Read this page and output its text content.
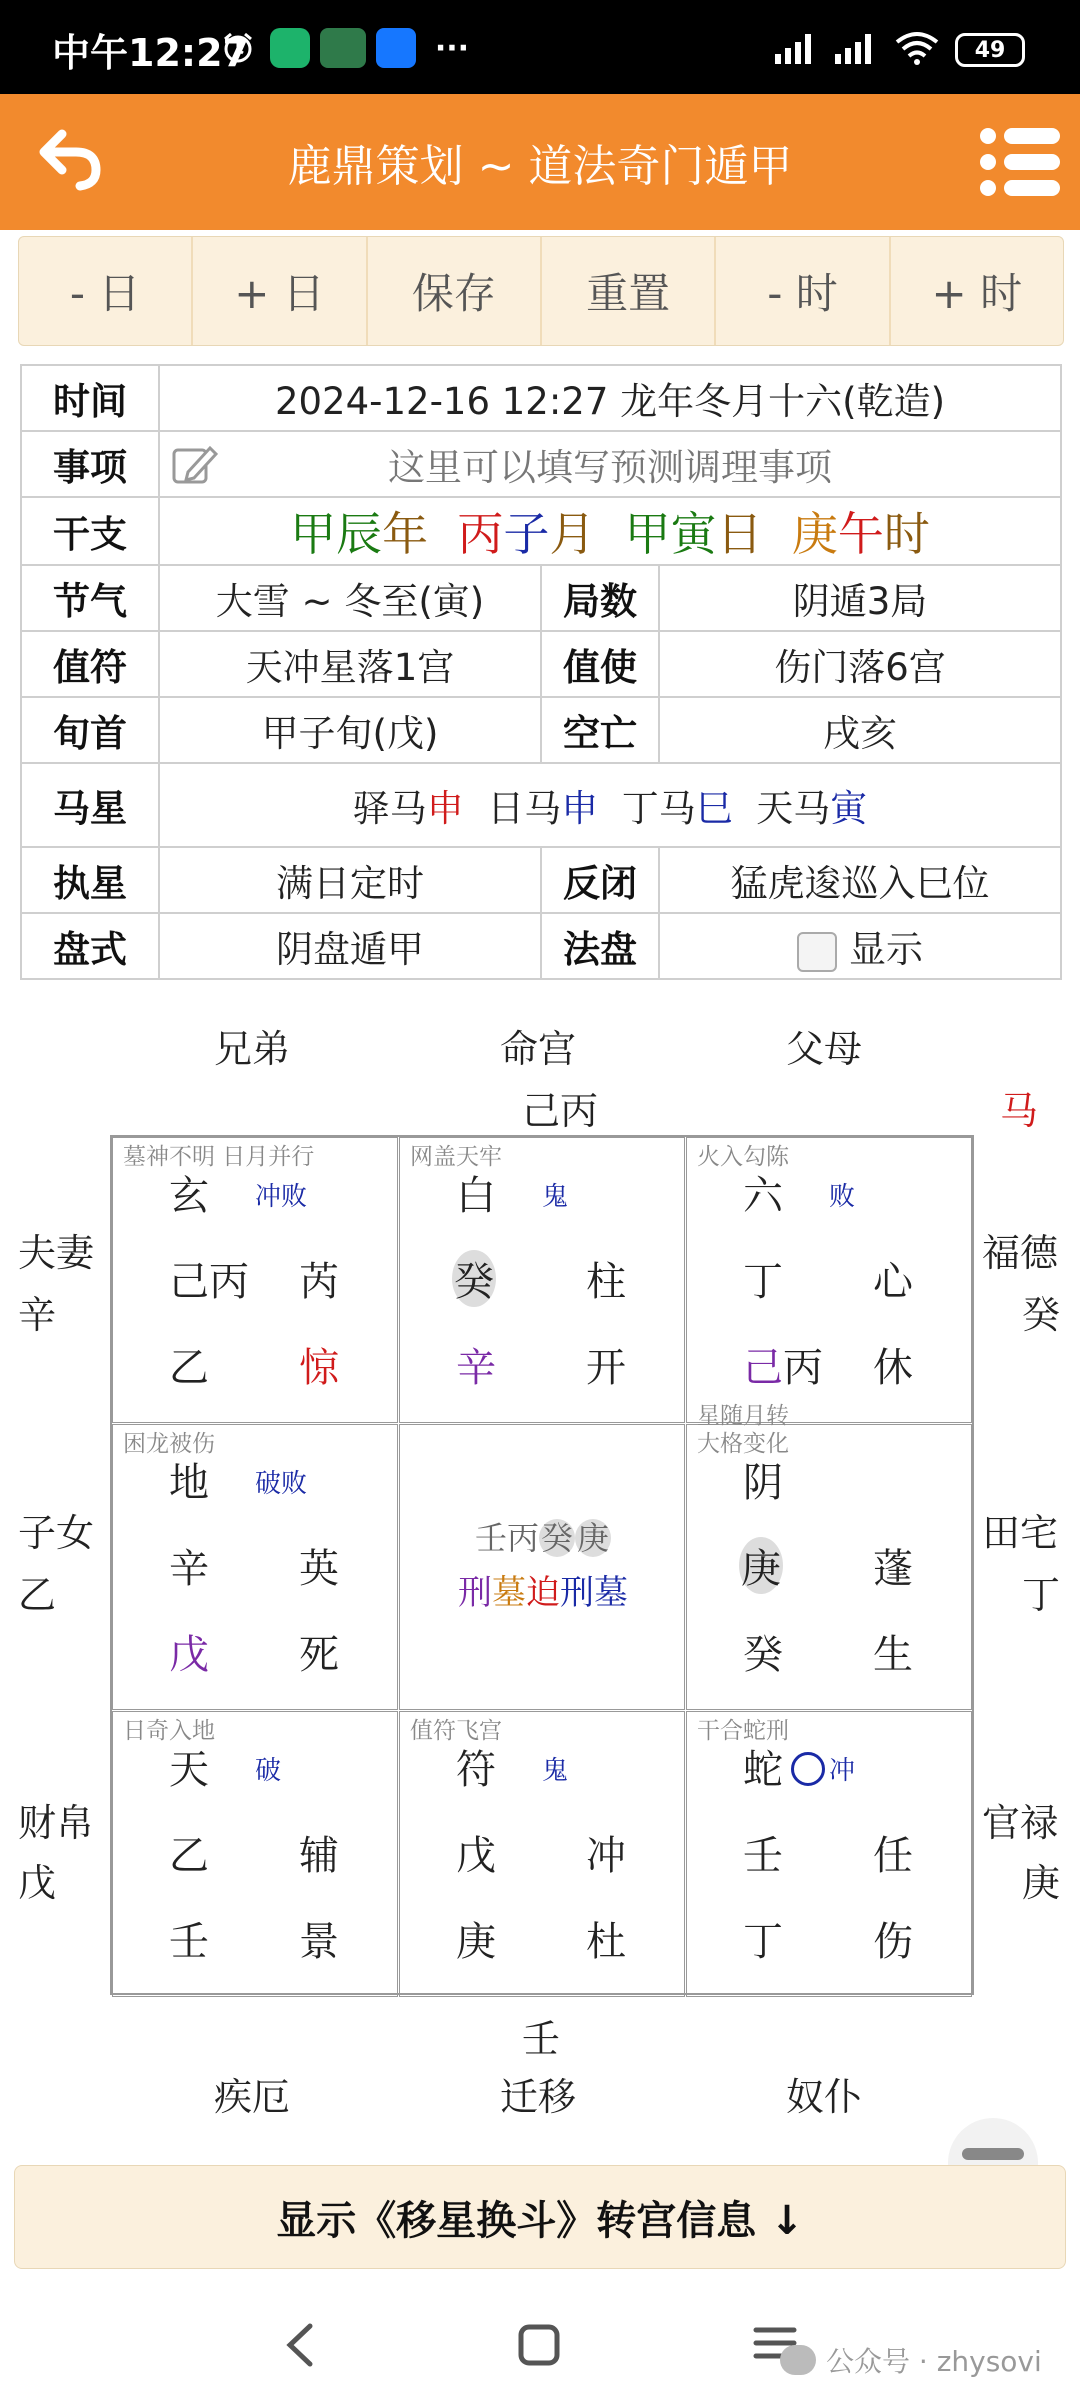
中午12:27	···	49
鹿鼎策划 ~ 道法奇门遁甲
- 日	+ 日	保存	重置	- 时	+ 时
时间	2024-12-16 12:27 龙年冬月十六(乾造)		
事项	这里可以填写预测调理事项		
干支	甲辰年 丙子月 甲寅日 庚午时		
节气	大雪 ~ 冬至(寅)	局数	阴遁3局
值符	天冲星落1宫	值使	伤门落6宫
旬首	甲子旬(戊)	空亡	戌亥
马星	驿马申 日马申 丁马巳 天马寅		
执星	满日定时	反闭	猛虎逡巡入巳位
盘式	阴盘遁甲	法盘	显示
兄弟	命宫	父母
己丙	马
夫妻
辛
子女
乙
财帛
戊
福德
癸
田宅
丁
官禄
庚
壬
疾厄	迁移	奴仆
墓神不明 日月并行
玄 冲败
己丙 芮
乙 惊
网盖天牢
白 鬼
癸 柱
辛 开
火入勾陈
六 败
丁 心
己丙 休
困龙被伤
地 破败
辛 英
戊 死
壬丙癸 庚
刑墓迫刑墓
星随月转
大格变化
阴
庚 蓬
癸 生
日奇入地
天 破
乙 辅
壬 景
值符飞宫
符 鬼
戊 冲
庚 杜
干合蛇刑
蛇 冲
壬 任
丁 伤
显示《移星换斗》转宫信息 ↓
公众号 · zhysovi
